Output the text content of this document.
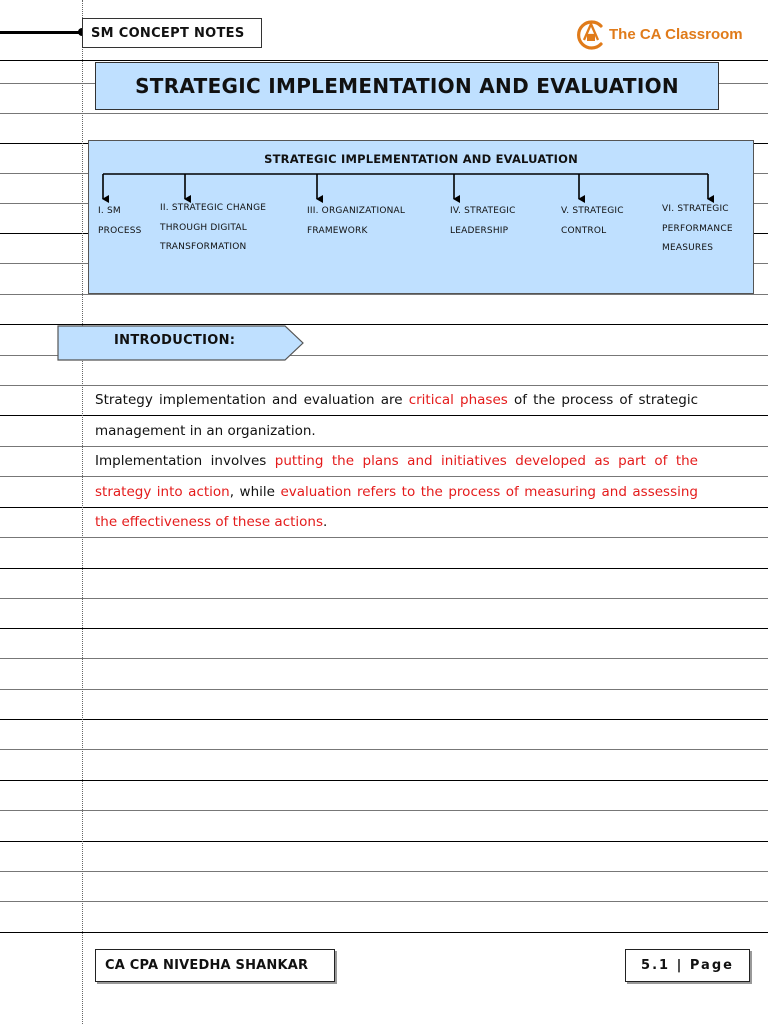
SM CONCEPT NOTES	The CA Classroom
STRATEGIC IMPLEMENTATION AND EVALUATION
STRATEGIC IMPLEMENTATION AND EVALUATION
I. SM
PROCESS
II. STRATEGIC CHANGE
THROUGH DIGITAL
TRANSFORMATION
III. ORGANIZATIONAL
FRAMEWORK
IV. STRATEGIC
LEADERSHIP
V. STRATEGIC
CONTROL
VI. STRATEGIC
PERFORMANCE
MEASURES
INTRODUCTION:
Strategy implementation and evaluation are critical phases of the process of strategic management in an organization.
Implementation involves putting the plans and initiatives developed as part of the strategy into action, while evaluation refers to the process of measuring and assessing the effectiveness of these actions.
CA CPA NIVEDHA SHANKAR	5.1 | Page
